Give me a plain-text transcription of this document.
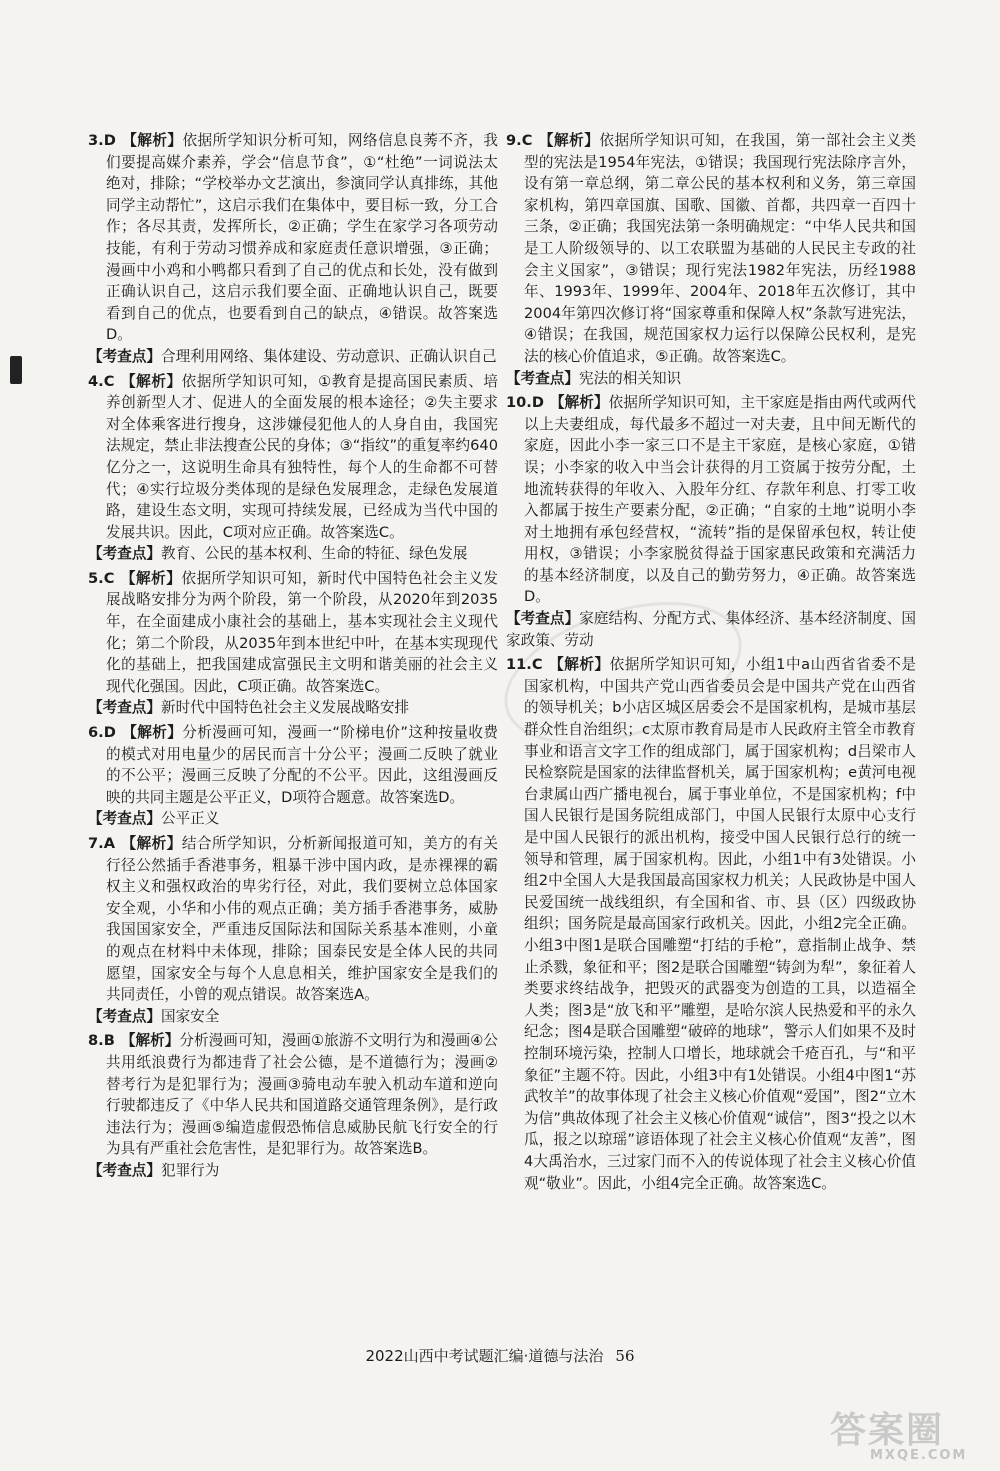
3.D 【解析】依据所学知识分析可知，网络信息良莠不齐，我们要提高媒介素养，学会“信息节食”，①“杜绝”一词说法太绝对，排除；“学校举办文艺演出，参演同学认真排练，其他同学主动帮忙”，这启示我们在集体中，要目标一致，分工合作；各尽其责，发挥所长，②正确；学生在家学习各项劳动技能，有利于劳动习惯养成和家庭责任意识增强，③正确；漫画中小鸡和小鸭都只看到了自己的优点和长处，没有做到正确认识自己，这启示我们要全面、正确地认识自己，既要看到自己的优点，也要看到自己的缺点，④错误。故答案选D。
【考查点】合理利用网络、集体建设、劳动意识、正确认识自己
4.C 【解析】依据所学知识可知，①教育是提高国民素质、培养创新型人才、促进人的全面发展的根本途径；②失主要求对全体乘客进行搜身，这涉嫌侵犯他人的人身自由，我国宪法规定，禁止非法搜查公民的身体；③“指纹”的重复率约640亿分之一，这说明生命具有独特性，每个人的生命都不可替代；④实行垃圾分类体现的是绿色发展理念，走绿色发展道路，建设生态文明，实现可持续发展，已经成为当代中国的发展共识。因此，C项对应正确。故答案选C。
【考查点】教育、公民的基本权利、生命的特征、绿色发展
5.C 【解析】依据所学知识可知，新时代中国特色社会主义发展战略安排分为两个阶段，第一个阶段，从2020年到2035年，在全面建成小康社会的基础上，基本实现社会主义现代化；第二个阶段，从2035年到本世纪中叶，在基本实现现代化的基础上，把我国建成富强民主文明和谐美丽的社会主义现代化强国。因此，C项正确。故答案选C。
【考查点】新时代中国特色社会主义发展战略安排
6.D 【解析】分析漫画可知，漫画一“阶梯电价”这种按量收费的模式对用电量少的居民而言十分公平；漫画二反映了就业的不公平；漫画三反映了分配的不公平。因此，这组漫画反映的共同主题是公平正义，D项符合题意。故答案选D。
【考查点】公平正义
7.A 【解析】结合所学知识，分析新闻报道可知，美方的有关行径公然插手香港事务，粗暴干涉中国内政，是赤裸裸的霸权主义和强权政治的卑劣行径，对此，我们要树立总体国家安全观，小华和小伟的观点正确；美方插手香港事务，威胁我国国家安全，严重违反国际法和国际关系基本准则，小童的观点在材料中未体现，排除；国泰民安是全体人民的共同愿望，国家安全与每个人息息相关，维护国家安全是我们的共同责任，小曾的观点错误。故答案选A。
【考查点】国家安全
8.B 【解析】分析漫画可知，漫画①旅游不文明行为和漫画④公共用纸浪费行为都违背了社会公德，是不道德行为；漫画②替考行为是犯罪行为；漫画③骑电动车驶入机动车道和逆向行驶都违反了《中华人民共和国道路交通管理条例》，是行政违法行为；漫画⑤编造虚假恐怖信息威胁民航飞行安全的行为具有严重社会危害性，是犯罪行为。故答案选B。
【考查点】犯罪行为
9.C 【解析】依据所学知识可知，在我国，第一部社会主义类型的宪法是1954年宪法，①错误；我国现行宪法除序言外，设有第一章总纲，第二章公民的基本权利和义务，第三章国家机构，第四章国旗、国歌、国徽、首都，共四章一百四十三条，②正确；我国宪法第一条明确规定：“中华人民共和国是工人阶级领导的、以工农联盟为基础的人民民主专政的社会主义国家”，③错误；现行宪法1982年宪法，历经1988年、1993年、1999年、2004年、2018年五次修订，其中2004年第四次修订将“国家尊重和保障人权”条款写进宪法，④错误；在我国，规范国家权力运行以保障公民权利，是宪法的核心价值追求，⑤正确。故答案选C。
【考查点】宪法的相关知识
10.D 【解析】依据所学知识可知，主干家庭是指由两代或两代以上夫妻组成，每代最多不超过一对夫妻，且中间无断代的家庭，因此小李一家三口不是主干家庭，是核心家庭，①错误；小李家的收入中当会计获得的月工资属于按劳分配，土地流转获得的年收入、入股年分红、存款年利息、打零工收入都属于按生产要素分配，②正确；“自家的土地”说明小李对土地拥有承包经营权，“流转”指的是保留承包权，转让使用权，③错误；小李家脱贫得益于国家惠民政策和充满活力的基本经济制度，以及自己的勤劳努力，④正确。故答案选D。
【考查点】家庭结构、分配方式、集体经济、基本经济制度、国家政策、劳动
11.C 【解析】依据所学知识可知，小组1中a山西省省委不是国家机构，中国共产党山西省委员会是中国共产党在山西省的领导机关；b小店区城区居委会不是国家机构，是城市基层群众性自治组织；c太原市教育局是市人民政府主管全市教育事业和语言文字工作的组成部门，属于国家机构；d吕梁市人民检察院是国家的法律监督机关，属于国家机构；e黄河电视台隶属山西广播电视台，属于事业单位，不是国家机构；f中国人民银行是国务院组成部门，中国人民银行太原中心支行是中国人民银行的派出机构，接受中国人民银行总行的统一领导和管理，属于国家机构。因此，小组1中有3处错误。小组2中全国人大是我国最高国家权力机关；人民政协是中国人民爱国统一战线组织，有全国和省、市、县（区）四级政协组织；国务院是最高国家行政机关。因此，小组2完全正确。小组3中图1是联合国雕塑“打结的手枪”，意指制止战争、禁止杀戮，象征和平；图2是联合国雕塑“铸剑为犁”，象征着人类要求终结战争，把毁灭的武器变为创造的工具，以造福全人类；图3是“放飞和平”雕塑，是哈尔滨人民热爱和平的永久纪念；图4是联合国雕塑“破碎的地球”，警示人们如果不及时控制环境污染，控制人口增长，地球就会千疮百孔，与“和平象征”主题不符。因此，小组3中有1处错误。小组4中图1“苏武牧羊”的故事体现了社会主义核心价值观“爱国”，图2“立木为信”典故体现了社会主义核心价值观“诚信”，图3“投之以木瓜，报之以琼瑶”谚语体现了社会主义核心价值观“友善”，图4大禹治水，三过家门而不入的传说体现了社会主义核心价值观“敬业”。因此，小组4完全正确。故答案选C。
2022山西中考试题汇编·道德与法治 56
答案圈
MXQE.COM
